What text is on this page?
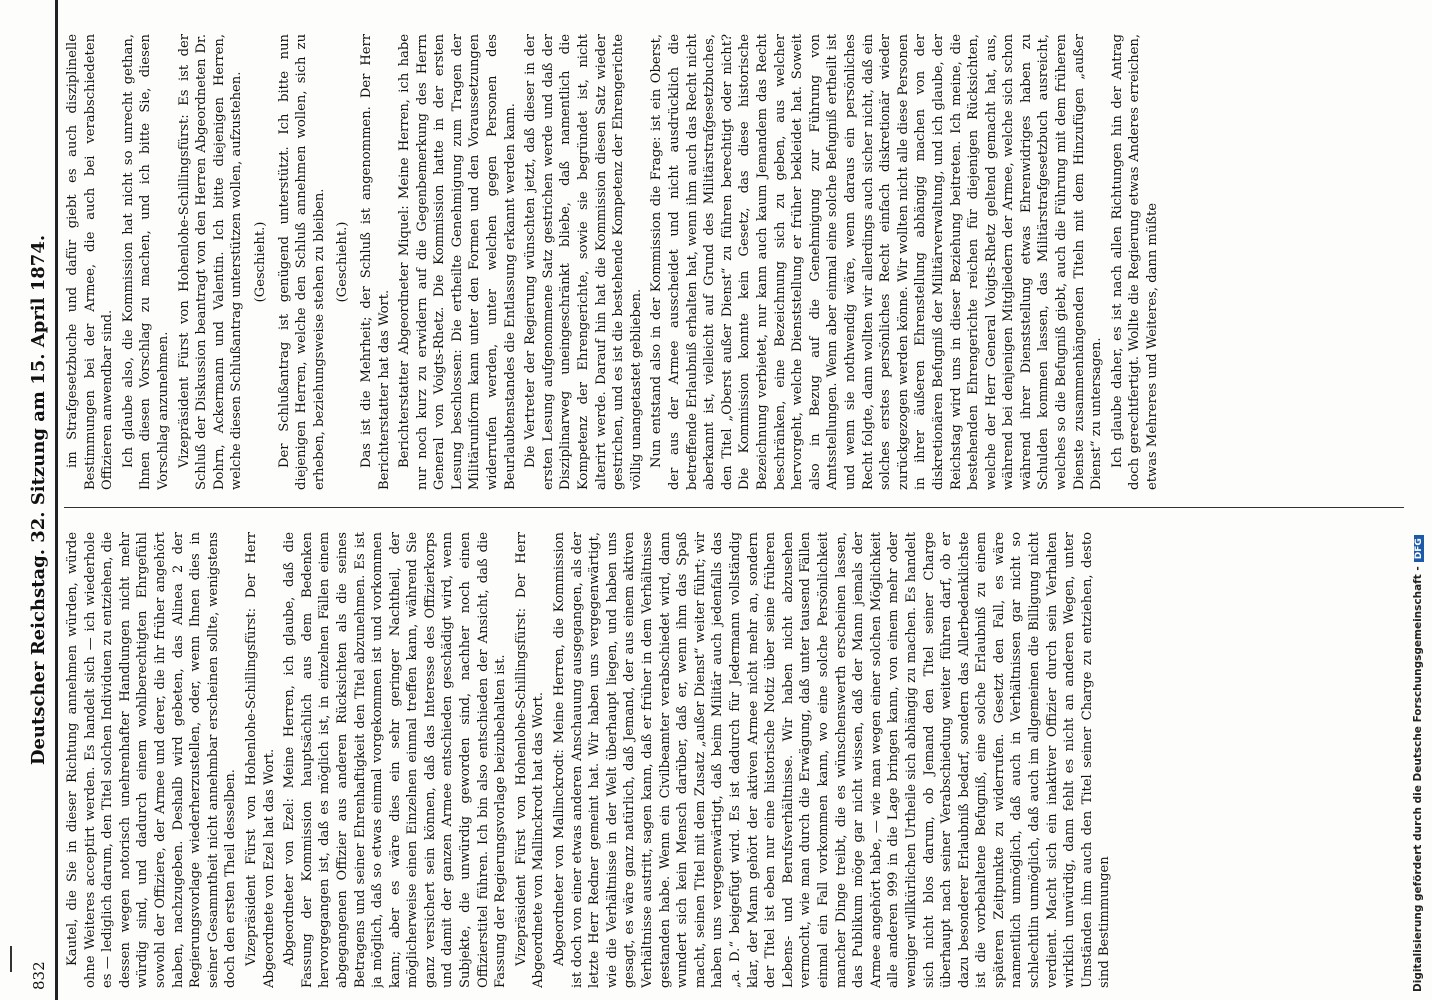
832
Deutscher Reichstag. 32. Sitzung am 15. April 1874. Kautel, die Sie in dieser Richtung annehmen würden, würde ohne Weiteres acceptirt werden. Es handelt sich — ich wiederhole es — lediglich darum, den Titel solchen Individuen zu entziehen, die dessen wegen notorisch unehrenhafter Handlungen nicht mehr würdig sind, und dadurch einem wohlberechtigten Ehrgefühl sowohl der Offiziere, der Armee und derer, die ihr früher angehört haben, nachzugeben. Deshalb wird gebeten, das Alinea 2 der Regierungsvorlage wiederherzustellen, oder, wenn Ihnen dies in seiner Gesammtheit nicht annehmbar erscheinen sollte, wenigstens doch den ersten Theil desselben. Vizepräsident Fürst von Hohenlohe-Schillingsfürst: Der Herr Abgeordnete von Ezel hat das Wort. Abgeordneter von Ezel: Meine Herren, ich glaube, daß die Fassung der Kommission hauptsächlich aus dem Bedenken hervorgegangen ist, daß es möglich ist, in einzelnen Fällen einem abgegangenen Offizier aus anderen Rücksichten als die seines Betragens und seiner Ehrenhaftigkeit den Titel abzunehmen. Es ist ja möglich, daß so etwas einmal vorgekommen ist und vorkommen kann; aber es wäre dies ein sehr geringer Nachtheil, der möglicherweise einen Einzelnen einmal treffen kann, während Sie ganz versichert sein können, daß das Interesse des Offizierkorps und damit der ganzen Armee entschieden geschädigt wird, wenn Subjekte, die unwürdig geworden sind, nachher noch einen Offizierstitel führen. Ich bin also entschieden der Ansicht, daß die Fassung der Regierungsvorlage beizubehalten ist. Vizepräsident Fürst von Hohenlohe-Schillingsfürst: Der Herr Abgeordnete von Mallinckrodt hat das Wort. Abgeordneter von Mallinckrodt: Meine Herren, die Kommission ist doch von einer etwas anderen Anschauung ausgegangen, als der letzte Herr Redner gemeint hat. Wir haben uns vergegenwärtigt, wie die Verhältnisse in der Welt überhaupt liegen, und haben uns gesagt, es wäre ganz natürlich, daß Jemand, der aus einem aktiven Verhältnisse austritt, sagen kann, daß er früher in dem Verhältnisse gestanden habe. Wenn ein Civilbeamter verabschiedet wird, dann wundert sich kein Mensch darüber, daß er, wenn ihm das Spaß macht, seinen Titel mit dem Zusatz „außer Dienst“ weiter führt; wir haben uns vergegenwärtigt, daß beim Militär auch jedenfalls das „a. D.“ beigefügt wird. Es ist dadurch für Jedermann vollständig klar, der Mann gehört der aktiven Armee nicht mehr an, sondern der Titel ist eben nur eine historische Notiz über seine früheren Lebens- und Berufsverhältnisse. Wir haben nicht abzusehen vermocht, wie man durch die Erwägung, daß unter tausend Fällen einmal ein Fall vorkommen kann, wo eine solche Persönlichkeit mancher Dinge treibt, die es wünschenswerth erscheinen lassen, das Publikum möge gar nicht wissen, daß der Mann jemals der Armee angehört habe, — wie man wegen einer solchen Möglichkeit alle anderen 999 in die Lage bringen kann, von einem mehr oder weniger willkürlichen Urtheile sich abhängig zu machen. Es handelt sich nicht blos darum, ob Jemand den Titel seiner Charge überhaupt nach seiner Verabschiedung weiter führen darf, ob er dazu besonderer Erlaubniß bedarf, sondern das Allerbedenklichste ist die vorbehaltene Befugniß, eine solche Erlaubniß zu einem späteren Zeitpunkte zu widerrufen. Gesetzt den Fall, es wäre namentlich unmöglich, daß auch in Verhältnissen gar nicht so schlechtlin unmöglich, daß auch im allgemeinen die Billigung nicht verdient. Macht sich ein inaktiver Offizier durch sein Verhalten wirklich unwürdig, dann fehlt es nicht an anderen Wegen, unter Umständen ihm auch den Titel seiner Charge zu entziehen, desto sind Bestimmungen

im Strafgesetzbuche und dafür giebt es auch disziplinelle Bestimmungen bei der Armee, die auch bei verabschiedeten Offizieren anwendbar sind. Ich glaube also, die Kommission hat nicht so unrecht gethan, Ihnen diesen Vorschlag zu machen, und ich bitte Sie, diesen Vorschlag anzunehmen. Vizepräsident Fürst von Hohenlohe-Schillingsfürst: Es ist der Schluß der Diskussion beantragt von den Herren Abgeordneten Dr. Dohrn, Ackermann und Valentin. Ich bitte diejenigen Herren, welche diesen Schlußantrag unterstützen wollen, aufzustehen. (Geschieht.) Der Schlußantrag ist genügend unterstützt. Ich bitte nun diejenigen Herren, welche den Schluß annehmen wollen, sich zu erheben, beziehungsweise stehen zu bleiben. (Geschieht.) Das ist die Mehrheit; der Schluß ist angenommen. Der Herr Berichterstatter hat das Wort. Berichterstatter Abgeordneter Miquel: Meine Herren, ich habe nur noch kurz zu erwidern auf die Gegenbemerkung des Herrn General von Voigts-Rhetz. Die Kommission hatte in der ersten Lesung beschlossen: Die ertheilte Genehmigung zum Tragen der Militäruniform kann unter den Formen und den Voraussetzungen widerrufen werden, unter welchen gegen Personen des Beurlaubtenstandes die Entlassung erkannt werden kann. Die Vertreter der Regierung wünschten jetzt, daß dieser in der ersten Lesung aufgenommene Satz gestrichen werde und daß der Disziplinarweg uneingeschränkt bliebe, daß namentlich die Kompetenz der Ehrengerichte, sowie sie begründet ist, nicht alterirt werde. Darauf hin hat die Kommission diesen Satz wieder gestrichen, und es ist die bestehende Kompetenz der Ehrengerichte völlig unangetastet geblieben. Nun entstand also in der Kommission die Frage: ist ein Oberst, der aus der Armee ausscheidet und nicht ausdrücklich die betreffende Erlaubniß erhalten hat, wenn ihm auch das Recht nicht aberkannt ist, vielleicht auf Grund des Militärstrafgesetzbuches, den Titel „Oberst außer Dienst“ zu führen berechtigt oder nicht? Die Kommission konnte kein Gesetz, das diese historische Bezeichnung verbietet, nur kann auch kaum Jemandem das Recht beschränken, eine Bezeichnung sich zu geben, aus welcher hervorgeht, welche Dienststellung er früher bekleidet hat. Soweit also in Bezug auf die Genehmigung zur Führung von Amtsstellungen. Wenn aber einmal eine solche Befugniß ertheilt ist und wenn sie nothwendig wäre, wenn daraus ein persönliches Recht folgte, dann wollten wir allerdings auch sicher nicht, daß ein solches erstes persönliches Recht einfach diskretionär wieder zurückgezogen werden könne. Wir wollten nicht alle diese Personen in ihrer äußeren Ehrenstellung abhängig machen von der diskretionären Befugniß der Militärverwaltung, und ich glaube, der Reichstag wird uns in dieser Beziehung beitreten. Ich meine, die bestehenden Ehrengerichte reichen für diejenigen Rücksichten, welche der Herr General Voigts-Rhetz geltend gemacht hat, aus, während bei denjenigen Mitgliedern der Armee, welche sich schon während ihrer Dienststellung etwas Ehrenwidriges haben zu Schulden kommen lassen, das Militärstrafgesetzbuch ausreicht, welches so die Befugniß giebt, auch die Führung mit dem früheren Dienste zusammenhängenden Titeln mit dem Hinzufügen „außer Dienst“ zu untersagen. Ich glaube daher, es ist nach allen Richtungen hin der Antrag doch gerechtfertigt. Wollte die Regierung etwas Anderes erreichen, etwas Mehreres und Weiteres, dann müßte

Digitalisierung gefördert durch die Deutsche Forschungsgemeinschaft -DFG
